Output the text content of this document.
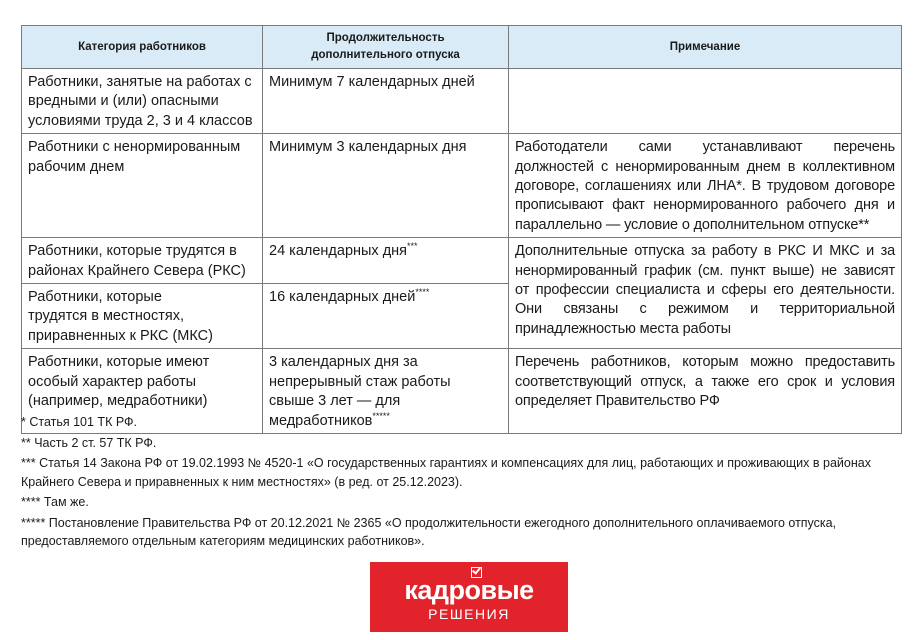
Категория работников	Продолжительность дополнительного отпуска	Примечание

Работники, занятые на работах с вредными и (или) опасными условиями труда 2, 3 и 4 классов	Минимум 7 календарных дней	

Работники с ненормированным рабочим днем	Минимум 3 календарных дня	Работодатели сами устанавливают перечень должностей с ненормированным днем в коллективном договоре, соглашениях или ЛНА*. В трудовом договоре прописывают факт ненормированного рабочего дня и параллельно — условие о дополнительном отпуске**

Работники, которые трудятся в районах Крайнего Севера (РКС)	24 календарных дня***	Дополнительные отпуска за работу в РКС И МКС и за ненормированный график (см. пункт выше) не зависят от профессии специалиста и сферы его деятельности. Они связаны с режимом и территориальной принадлежностью места работы

Работники, которые трудятся в местностях, приравненных к РКС (МКС)	16 календарных дней****

Работники, которые имеют особый характер работы (например, медработники)	3 календарных дня за непрерывный стаж работы свыше 3 лет — для медработников*****	Перечень работников, которым можно предоставить соответствующий отпуск, а также его срок и условия определяет Правительство РФ

* Статья 101 ТК РФ.

** Часть 2 ст. 57 ТК РФ.

*** Статья 14 Закона РФ от 19.02.1993 № 4520-1 «О государственных гарантиях и компенсациях для лиц, работающих и проживающих в районах Крайнего Севера и приравненных к ним местностях» (в ред. от 25.12.2023).

**** Там же.

***** Постановление Правительства РФ от 20.12.2021 № 2365 «О продолжительности ежегодного дополнительного оплачиваемого отпуска, предоставляемого отдельным категориям медицинских работников».

кадровые
РЕШЕНИЯ
